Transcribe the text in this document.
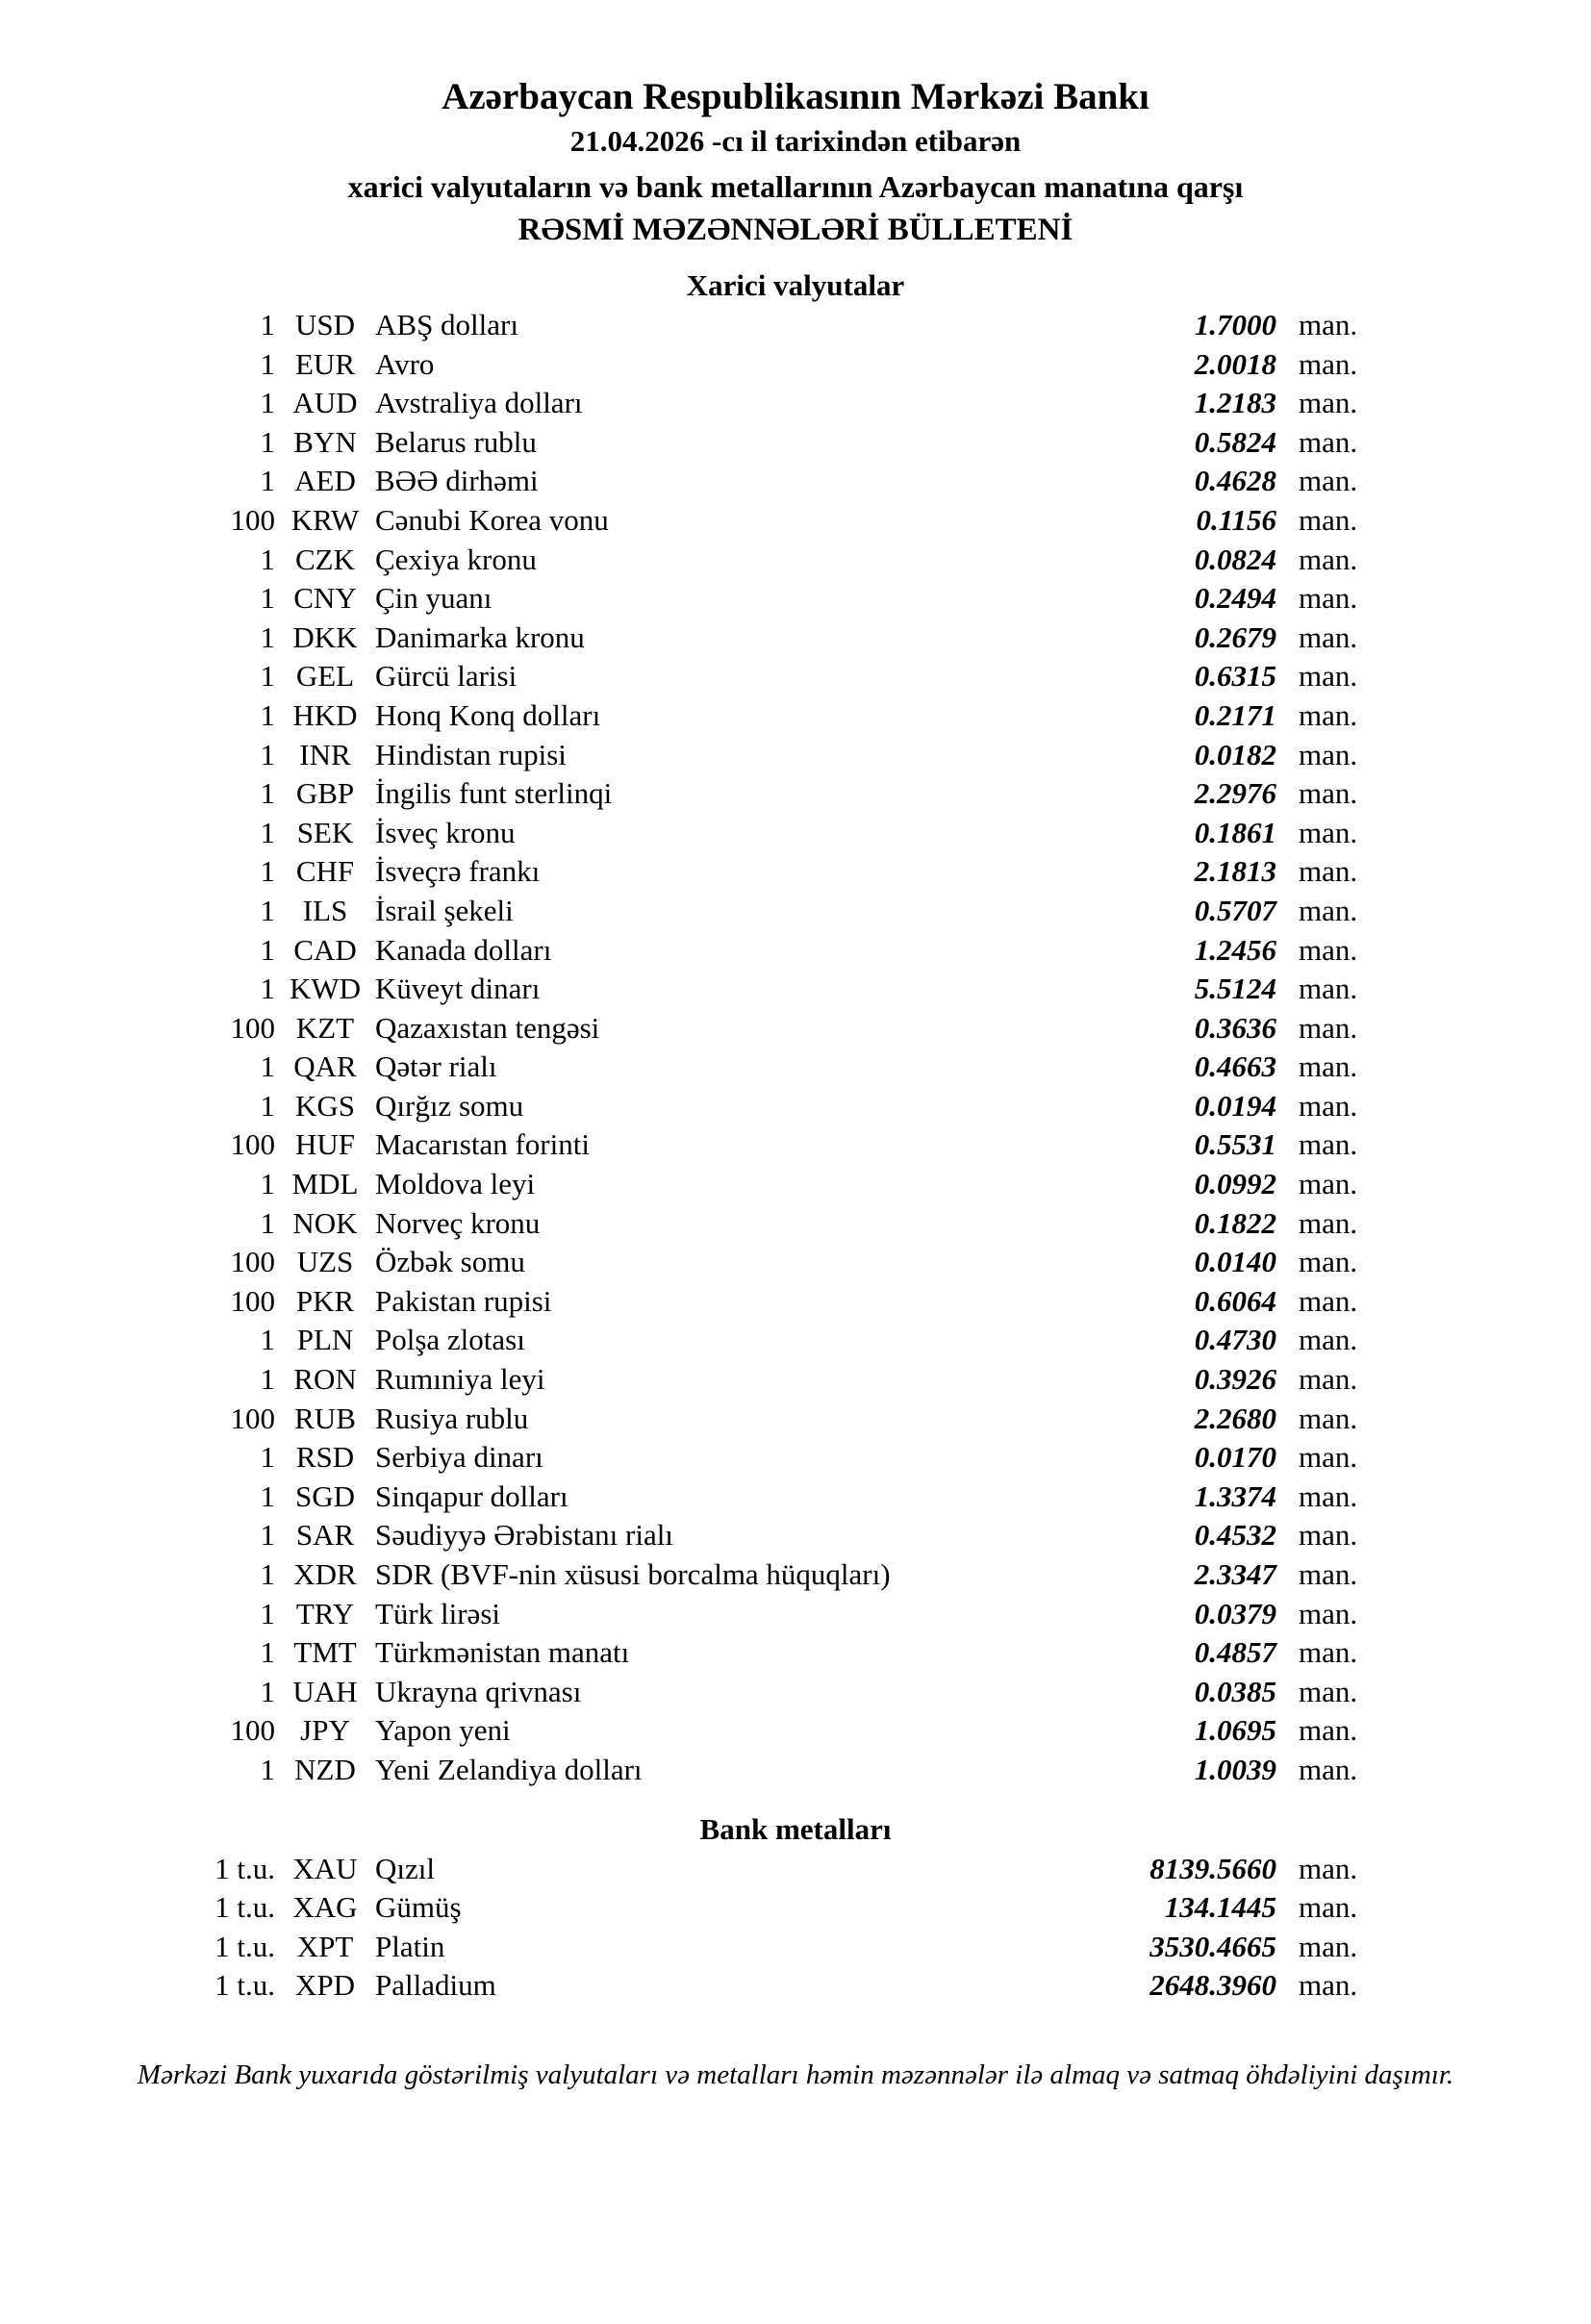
Azərbaycan Respublikasının Mərkəzi Bankı
21.04.2026 -cı il tarixindən etibarən
xarici valyutaların və bank metallarının Azərbaycan manatına qarşı
RƏSMİ MƏZƏNNƏLƏRİ BÜLLETENİ
Xarici valyutalar
1 USD ABŞ dolları	1.7000 man.
1 EUR Avro	2.0018 man.
1 AUD Avstraliya dolları	1.2183 man.
1 BYN Belarus rublu	0.5824 man.
1 AED BƏƏ dirhəmi	0.4628 man.
100 KRW Cənubi Korea vonu	0.1156 man.
1 CZK Çexiya kronu	0.0824 man.
1 CNY Çin yuanı	0.2494 man.
1 DKK Danimarka kronu	0.2679 man.
1 GEL Gürcü larisi	0.6315 man.
1 HKD Honq Konq dolları	0.2171 man.
1 INR Hindistan rupisi	0.0182 man.
1 GBP İngilis funt sterlinqi	2.2976 man.
1 SEK İsveç kronu	0.1861 man.
1 CHF İsveçrə frankı	2.1813 man.
1 ILS İsrail şekeli	0.5707 man.
1 CAD Kanada dolları	1.2456 man.
1 KWD Küveyt dinarı	5.5124 man.
100 KZT Qazaxıstan tengəsi	0.3636 man.
1 QAR Qətər rialı	0.4663 man.
1 KGS Qırğız somu	0.0194 man.
100 HUF Macarıstan forinti	0.5531 man.
1 MDL Moldova leyi	0.0992 man.
1 NOK Norveç kronu	0.1822 man.
100 UZS Özbək somu	0.0140 man.
100 PKR Pakistan rupisi	0.6064 man.
1 PLN Polşa zlotası	0.4730 man.
1 RON Rumıniya leyi	0.3926 man.
100 RUB Rusiya rublu	2.2680 man.
1 RSD Serbiya dinarı	0.0170 man.
1 SGD Sinqapur dolları	1.3374 man.
1 SAR Səudiyyə Ərəbistanı rialı	0.4532 man.
1 XDR SDR (BVF-nin xüsusi borcalma hüquqları)	2.3347 man.
1 TRY Türk lirəsi	0.0379 man.
1 TMT Türkmənistan manatı	0.4857 man.
1 UAH Ukrayna qrivnası	0.0385 man.
100 JPY Yapon yeni	1.0695 man.
1 NZD Yeni Zelandiya dolları	1.0039 man.
Bank metalları
1 t.u. XAU Qızıl	8139.5660 man.
1 t.u. XAG Gümüş	134.1445 man.
1 t.u. XPT Platin	3530.4665 man.
1 t.u. XPD Palladium	2648.3960 man.
Mərkəzi Bank yuxarıda göstərilmiş valyutaları və metalları həmin məzənnələr ilə almaq və satmaq öhdəliyini daşımır.
